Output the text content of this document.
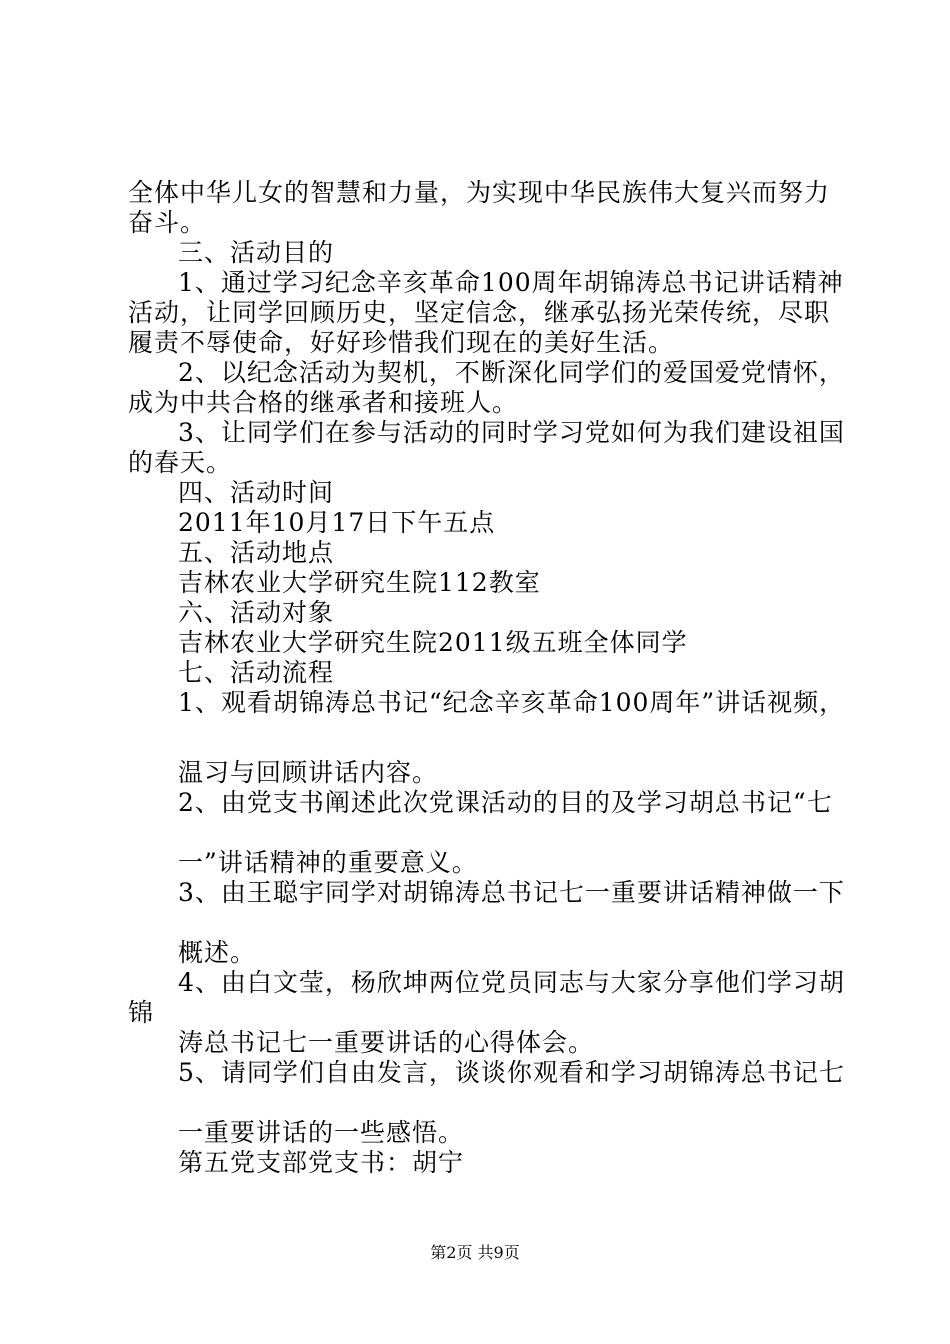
全体中华儿女的智慧和力量，为实现中华民族伟大复兴而努力
奋斗。
三、活动目的
1、通过学习纪念辛亥革命100周年胡锦涛总书记讲话精神
活动，让同学回顾历史，坚定信念，继承弘扬光荣传统，尽职
履责不辱使命，好好珍惜我们现在的美好生活。
2、以纪念活动为契机，不断深化同学们的爱国爱党情怀，
成为中共合格的继承者和接班人。
3、让同学们在参与活动的同时学习党如何为我们建设祖国
的春天。
四、活动时间
2011年10月17日下午五点
五、活动地点
吉林农业大学研究生院112教室
六、活动对象
吉林农业大学研究生院2011级五班全体同学
七、活动流程
1、观看胡锦涛总书记“纪念辛亥革命100周年”讲话视频，
温习与回顾讲话内容。
2、由党支书阐述此次党课活动的目的及学习胡总书记“七
一”讲话精神的重要意义。
3、由王聪宇同学对胡锦涛总书记七一重要讲话精神做一下
概述。
4、由白文莹，杨欣坤两位党员同志与大家分享他们学习胡
锦
涛总书记七一重要讲话的心得体会。
5、请同学们自由发言，谈谈你观看和学习胡锦涛总书记七
一重要讲话的一些感悟。
第五党支部党支书：胡宁
第2页 共9页
